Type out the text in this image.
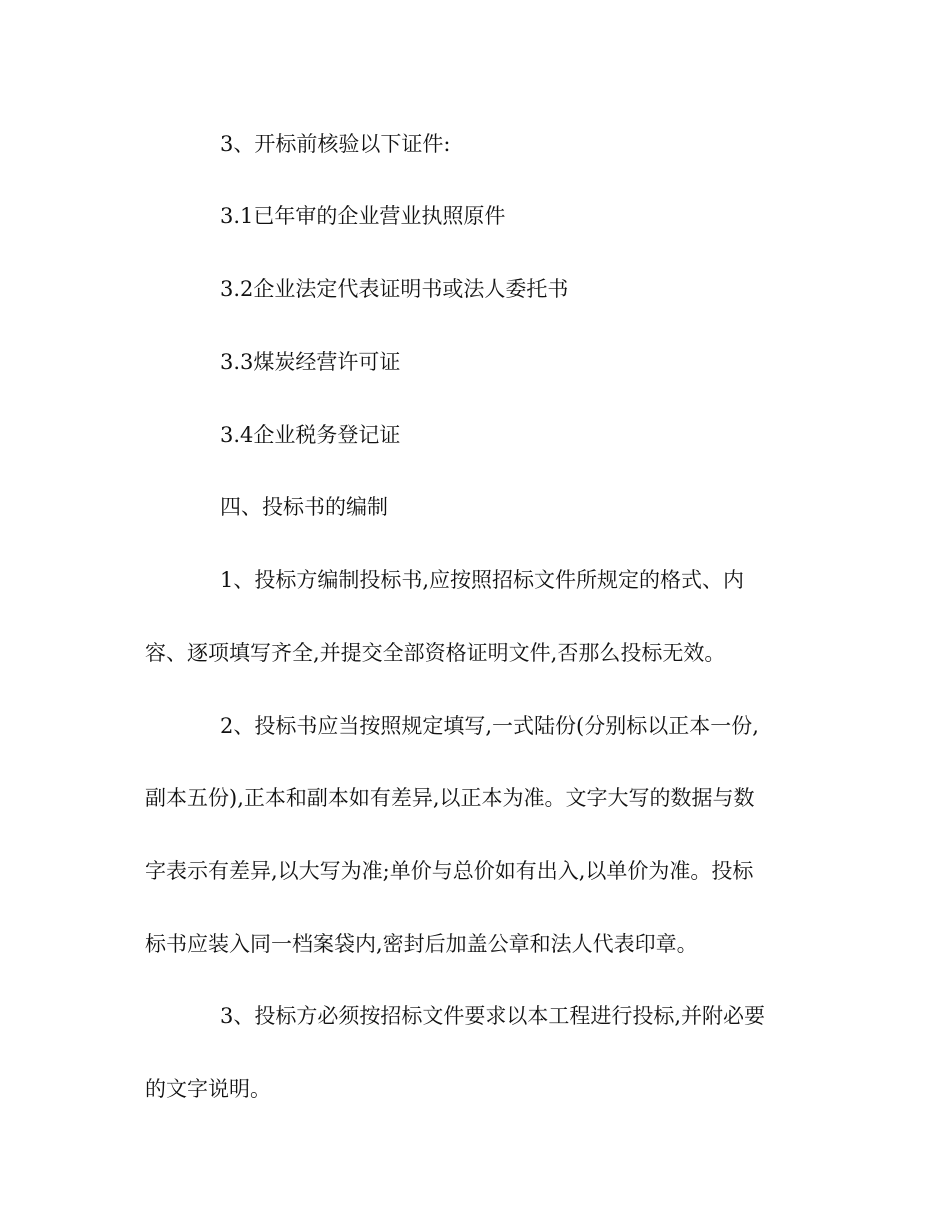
3、开标前核验以下证件:
3.1已年审的企业营业执照原件
3.2企业法定代表证明书或法人委托书
3.3煤炭经营许可证
3.4企业税务登记证
四、投标书的编制
1、投标方编制投标书,应按照招标文件所规定的格式、内
容、逐项填写齐全,并提交全部资格证明文件,否那么投标无效。
2、投标书应当按照规定填写,一式陆份(分别标以正本一份,
副本五份),正本和副本如有差异,以正本为准。文字大写的数据与数
字表示有差异,以大写为准;单价与总价如有出入,以单价为准。投标
标书应装入同一档案袋内,密封后加盖公章和法人代表印章。
3、投标方必须按招标文件要求以本工程进行投标,并附必要
的文字说明。
